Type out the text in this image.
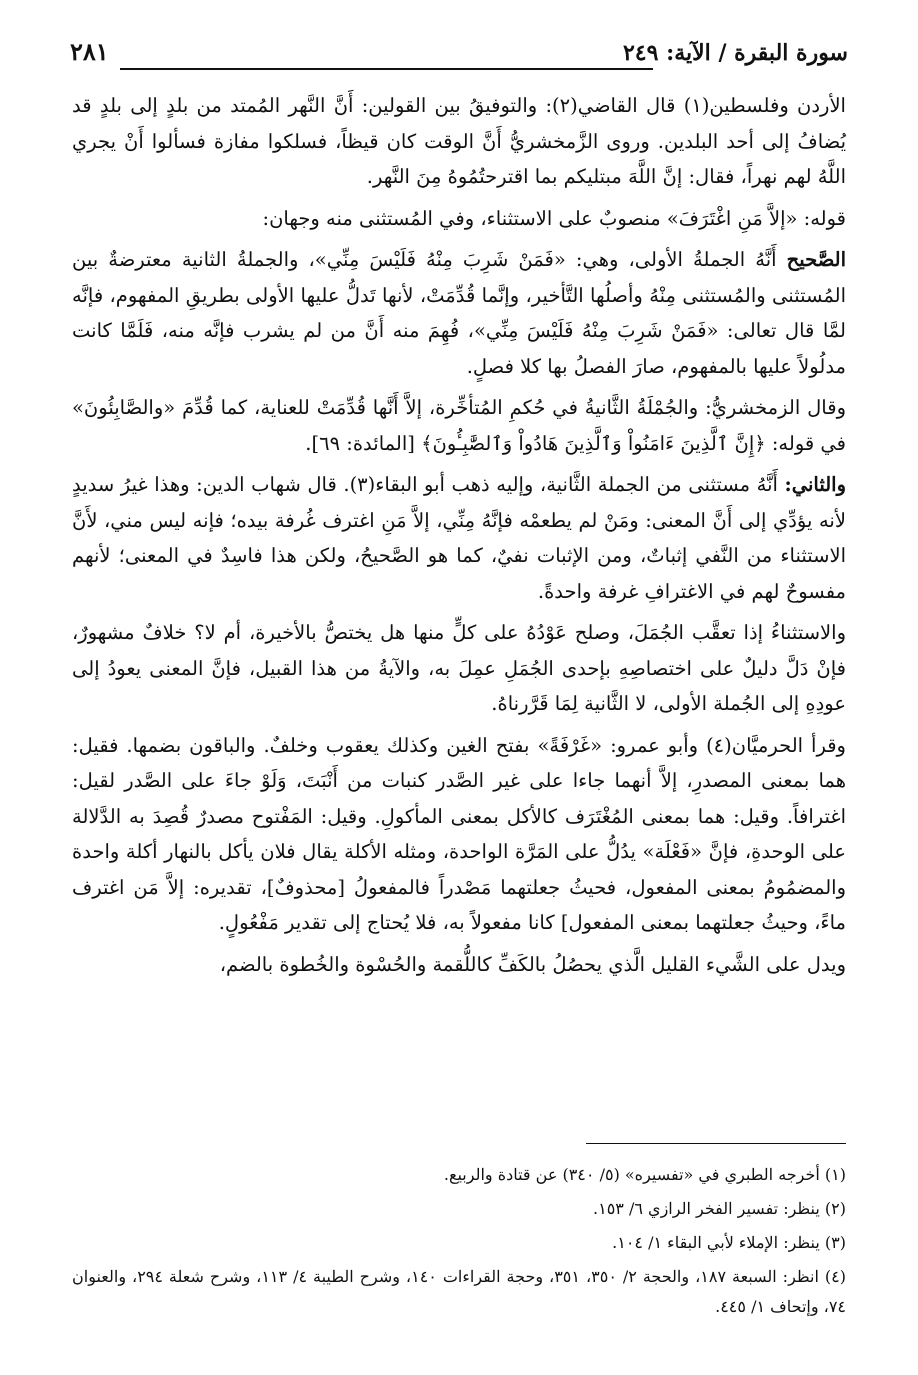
سورة البقرة / الآية: ٢٤٩
٢٨١

الأردن وفلسطين(١) قال القاضي(٢): والتوفيقُ بين القولين: أَنَّ النَّهر المُمتد من بلدٍ إلى بلدٍ قد يُضافُ إلى أحد البلدين. وروى الزَّمخشريُّ أَنَّ الوقت كان قيظاً، فسلكوا مفازة فسألوا أَنْ يجري اللَّهُ لهم نهراً، فقال: إنَّ اللَّهَ مبتليكم بما اقترحتُمُوهُ مِنَ النَّهر.

قوله: «إلاَّ مَنِ اغْتَرَفَ» منصوبٌ على الاستثناء، وفي المُستثنى منه وجهان:

الصَّحيح أَنَّهُ الجملةُ الأولى، وهي: «فَمَنْ شَرِبَ مِنْهُ فَلَيْسَ مِنِّي»، والجملةُ الثانية معترضةٌ بين المُستثنى والمُستثنى مِنْهُ وأصلُها التَّأخير، وإنَّما قُدِّمَتْ، لأنها تَدلُّ عليها الأولى بطريقِ المفهوم، فإنَّه لمَّا قال تعالى: «فَمَنْ شَرِبَ مِنْهُ فَلَيْسَ مِنِّي»، فُهِمَ منه أَنَّ من لم يشرب فإنَّه منه، فَلَمَّا كانت مدلُولاً عليها بالمفهوم، صارَ الفصلُ بها كلا فصلٍ.

وقال الزمخشريُّ: والجُمْلَةُ الثَّانيةُ في حُكمِ المُتأخِّرة، إلاَّ أَنَّها قُدِّمَتْ للعناية، كما قُدِّمَ «والصَّابِئُونَ» في قوله: ﴿إِنَّ ٱلَّذِينَ ءَامَنُواْ وَٱلَّذِينَ هَادُواْ وَٱلصَّٰبِـُٔونَ﴾ [المائدة: ٦٩].

والثاني: أَنَّهُ مستثنى من الجملة الثَّانية، وإليه ذهب أبو البقاء(٣). قال شهاب الدين: وهذا غيرُ سديدٍ لأنه يؤدِّي إلى أَنَّ المعنى: ومَنْ لم يطعمْه فإنَّهُ مِنِّي، إلاَّ مَنِ اغترف غُرفة بيده؛ فإنه ليس مني، لأَنَّ الاستثناء من النَّفي إثباتٌ، ومن الإثبات نفيٌ، كما هو الصَّحيحُ، ولكن هذا فاسِدٌ في المعنى؛ لأنهم مفسوحٌ لهم في الاغترافِ غرفة واحدةً.

والاستثناءُ إذا تعقَّب الجُمَلَ، وصلح عَوْدُهُ على كلٍّ منها هل يختصُّ بالأخيرة، أم لا؟ خلافٌ مشهورٌ، فإنْ دَلَّ دليلٌ على اختصاصِهِ بإحدى الجُمَلِ عمِلَ به، والآيةُ من هذا القبيل، فإنَّ المعنى يعودُ إلى عودِهِ إلى الجُملة الأولى، لا الثَّانية لِمَا قَرَّرناهُ.

وقرأ الحرميَّان(٤) وأبو عمرو: «غَرْفَةً» بفتح الغين وكذلك يعقوب وخلفٌ. والباقون بضمها. فقيل: هما بمعنى المصدرِ، إلاَّ أنهما جاءا على غير الصَّدر كنبات من أَنْبَتَ، وَلَوْ جاءَ على الصَّدر لقيل: اغترافاً. وقيل: هما بمعنى المُغْتَرَف كالأكل بمعنى المأكولِ. وقيل: المَفْتوح مصدرٌ قُصِدَ به الدَّلالة على الوحدةِ، فإنَّ «فَعْلَة» يدُلُّ على المَرَّة الواحدة، ومثله الأكلة يقال فلان يأكل بالنهار أكلة واحدة والمضمُومُ بمعنى المفعول، فحيثُ جعلتهما مَصْدراً فالمفعولُ [محذوفٌ]، تقديره: إلاَّ مَن اغترف ماءً، وحيثُ جعلتهما بمعنى المفعول] كانا مفعولاً به، فلا يُحتاج إلى تقدير مَفْعُولٍ.

ويدل على الشَّيء القليل الَّذي يحصُلُ بالكَفِّ كاللُّقمة والحُسْوة والخُطوة بالضم،

(١) أخرجه الطبري في «تفسيره» (٥/ ٣٤٠) عن قتادة والربيع.

(٢) ينظر: تفسير الفخر الرازي ٦/ ١٥٣.

(٣) ينظر: الإملاء لأبي البقاء ١/ ١٠٤.

(٤) انظر: السبعة ١٨٧، والحجة ٢/ ٣٥٠، ٣٥١، وحجة القراءات ١٤٠، وشرح الطيبة ٤/ ١١٣، وشرح شعلة ٢٩٤، والعنوان ٧٤، وإتحاف ١/ ٤٤٥.
